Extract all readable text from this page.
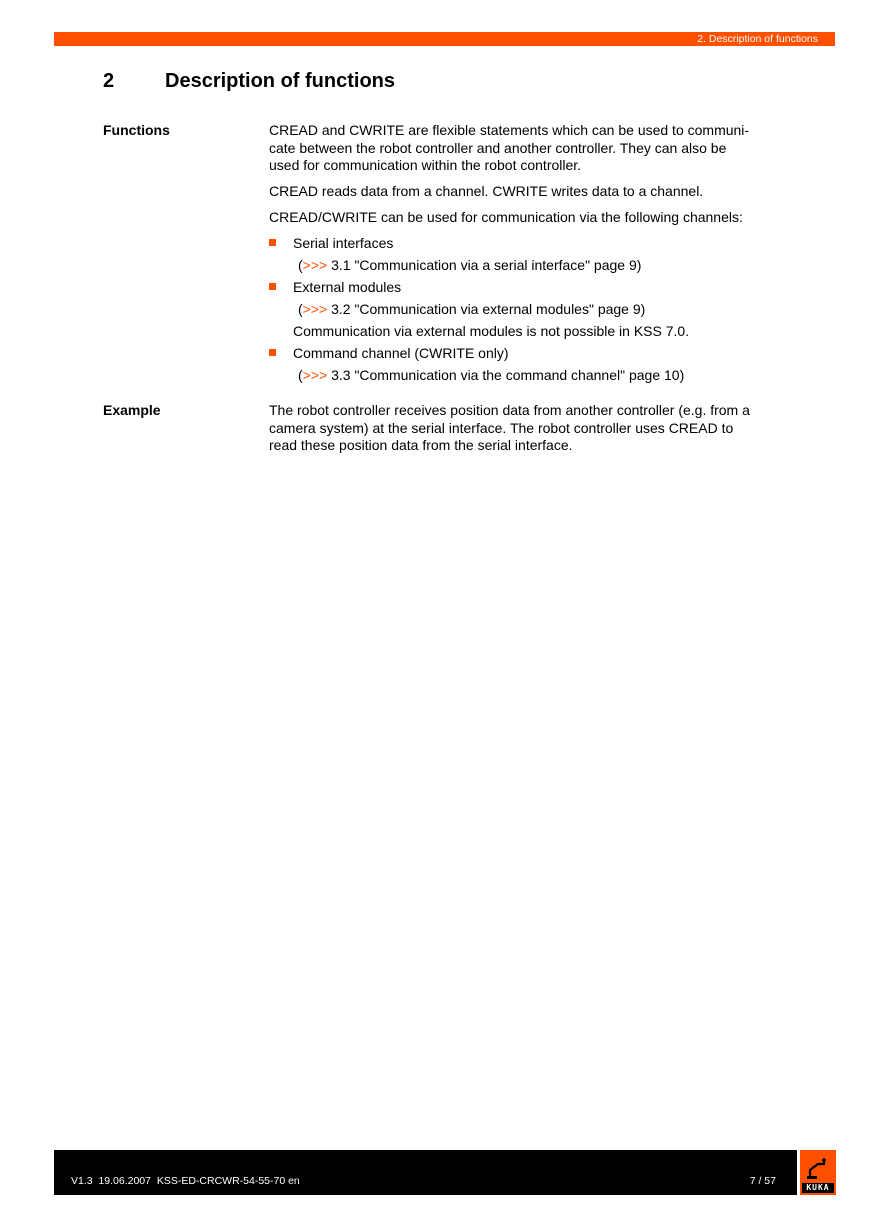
2. Description of functions
2	Description of functions
Functions	CREAD and CWRITE are flexible statements which can be used to communi-
cate between the robot controller and another controller. They can also be
used for communication within the robot controller.
CREAD reads data from a channel. CWRITE writes data to a channel.
CREAD/CWRITE can be used for communication via the following channels:
Serial interfaces
(>>> 3.1 "Communication via a serial interface" page 9)
External modules
(>>> 3.2 "Communication via external modules" page 9)
Communication via external modules is not possible in KSS 7.0.
Command channel (CWRITE only)
(>>> 3.3 "Communication via the command channel" page 10)
Example	The robot controller receives position data from another controller (e.g. from a
camera system) at the serial interface. The robot controller uses CREAD to
read these position data from the serial interface.
V1.3  19.06.2007  KSS-ED-CRCWR-54-55-70 en	7 / 57
KUKA
